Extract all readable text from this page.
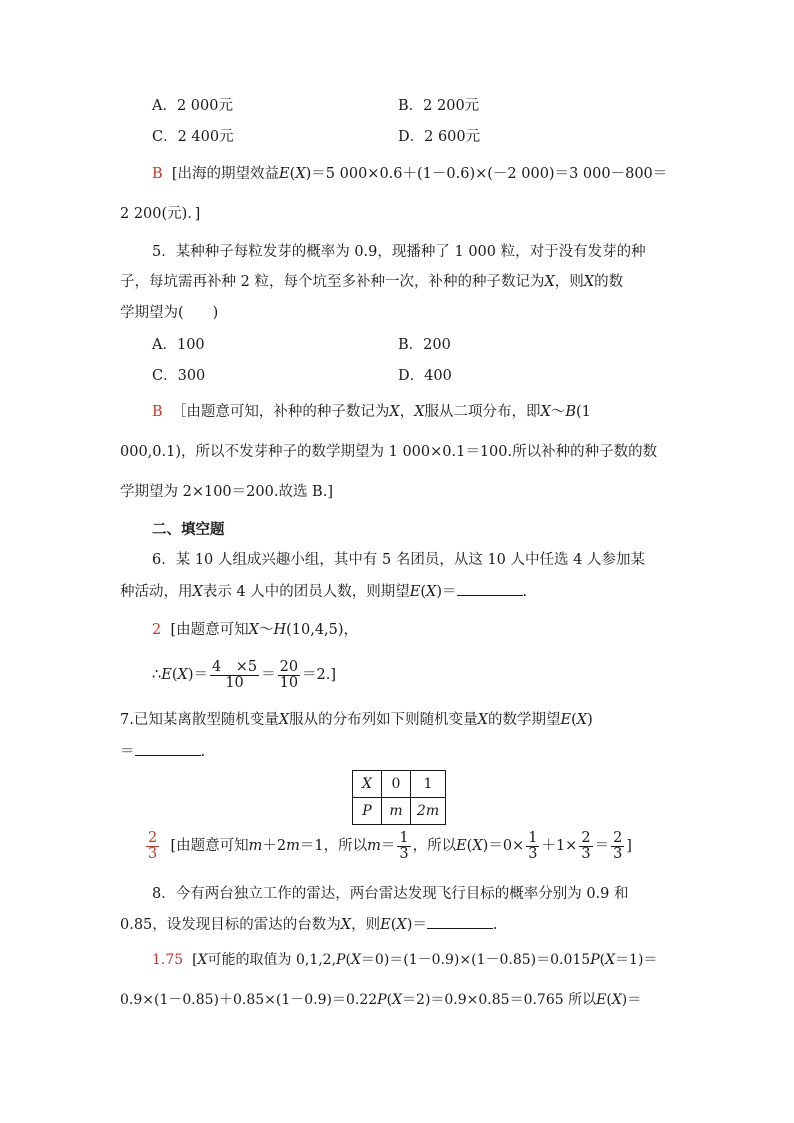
A．2 000元	B．2 200元
C．2 400元	D．2 600元
B [出海的期望效益E(X)＝5 000×0.6＋(1－0.6)×(－2 000)＝3 000－800＝
2 200(元)．]
5．某种种子每粒发芽的概率为 0.9，现播种了 1 000 粒，对于没有发芽的种
子，每坑需再补种 2 粒，每个坑至多补种一次，补种的种子数记为X，则X的数
学期望为(　　)
A．100	B．200
C．300	D．400
B ［由题意可知，补种的种子数记为X，X服从二项分布，即X～B(1
000,0.1)，所以不发芽种子的数学期望为 1 000×0.1＝100.所以补种的种子数的数
学期望为 2×100＝200.故选 B.]
二、填空题
6．某 10 人组成兴趣小组，其中有 5 名团员，从这 10 人中任选 4 人参加某
种活动，用X表示 4 人中的团员人数，则期望E(X)＝	.
2 [由题意可知X～H(10,4,5)，
∴E(X)＝ $\frac{4 \times 5}{10} = \frac{20}{10} =2$.]
7.已知某离散型随机变量X服从的分布列如下则随机变量X的数学期望E(X)
＝	.
X	0	1
P	m	2m
$\frac{2}{3}$ [由题意可知m＋2m＝1，所以$m= \frac{1}{3}$ ，所以$E(X)=0\times \frac{1}{3} +1\times \frac{2}{3} = \frac{2}{3}$ ]
8．今有两台独立工作的雷达，两台雷达发现飞行目标的概率分别为 0.9 和
0.85，设发现目标的雷达的台数为X，则E(X)＝	.
1.75 [X可能的取值为 0,1,2,P(X＝0)＝(1－0.9)×(1－0.85)＝0.015P(X＝1)＝
0.9×(1－0.85)＋0.85×(1－0.9)＝0.22P(X＝2)＝0.9×0.85＝0.765 所以E(X)＝
